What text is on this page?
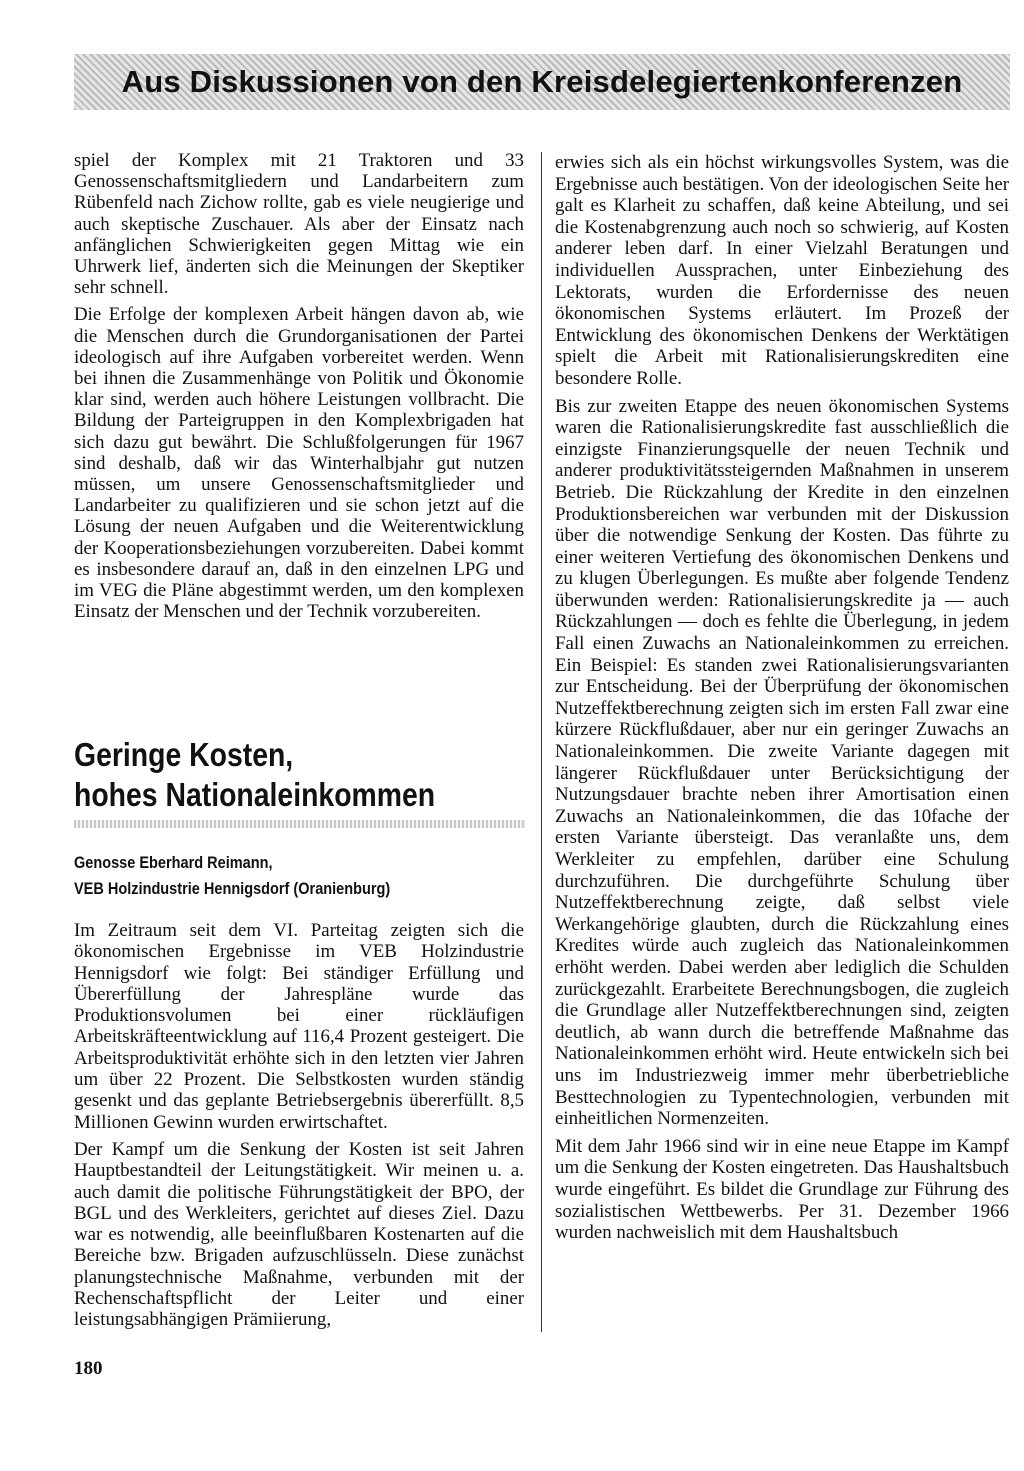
Aus Diskussionen von den Kreisdelegiertenkonferenzen

spiel der Komplex mit 21 Traktoren und 33 Genossenschaftsmitgliedern und Landarbeitern zum Rübenfeld nach Zichow rollte, gab es viele neugierige und auch skeptische Zuschauer. Als aber der Einsatz nach anfänglichen Schwierigkeiten gegen Mittag wie ein Uhrwerk lief, änderten sich die Meinungen der Skeptiker sehr schnell.

Die Erfolge der komplexen Arbeit hängen davon ab, wie die Menschen durch die Grundorganisationen der Partei ideologisch auf ihre Aufgaben vorbereitet werden. Wenn bei ihnen die Zusammenhänge von Politik und Ökonomie klar sind, werden auch höhere Leistungen vollbracht. Die Bildung der Parteigruppen in den Komplexbrigaden hat sich dazu gut bewährt. Die Schlußfolgerungen für 1967 sind deshalb, daß wir das Winterhalbjahr gut nutzen müssen, um unsere Genossenschaftsmitglieder und Landarbeiter zu qualifizieren und sie schon jetzt auf die Lösung der neuen Aufgaben und die Weiterentwicklung der Kooperationsbeziehungen vorzubereiten. Dabei kommt es insbesondere darauf an, daß in den einzelnen LPG und im VEG die Pläne abgestimmt werden, um den komplexen Einsatz der Menschen und der Technik vorzubereiten.

Geringe Kosten,
hohes Nationaleinkommen
Genosse Eberhard Reimann,
VEB Holzindustrie Hennigsdorf (Oranienburg)

Im Zeitraum seit dem VI. Parteitag zeigten sich die ökonomischen Ergebnisse im VEB Holzindustrie Hennigsdorf wie folgt: Bei ständiger Erfüllung und Übererfüllung der Jahrespläne wurde das Produktionsvolumen bei einer rückläufigen Arbeitskräfteentwicklung auf 116,4 Prozent gesteigert. Die Arbeitsproduktivität erhöhte sich in den letzten vier Jahren um über 22 Prozent. Die Selbstkosten wurden ständig gesenkt und das geplante Betriebsergebnis übererfüllt. 8,5 Millionen Gewinn wurden erwirtschaftet.

Der Kampf um die Senkung der Kosten ist seit Jahren Hauptbestandteil der Leitungstätigkeit. Wir meinen u. a. auch damit die politische Führungstätigkeit der BPO, der BGL und des Werkleiters, gerichtet auf dieses Ziel. Dazu war es notwendig, alle beeinflußbaren Kostenarten auf die Bereiche bzw. Brigaden aufzuschlüsseln. Diese zunächst planungstechnische Maßnahme, verbunden mit der Rechenschaftspflicht der Leiter und einer leistungsabhängigen Prämiierung,

erwies sich als ein höchst wirkungsvolles System, was die Ergebnisse auch bestätigen. Von der ideologischen Seite her galt es Klarheit zu schaffen, daß keine Abteilung, und sei die Kostenabgrenzung auch noch so schwierig, auf Kosten anderer leben darf. In einer Vielzahl Beratungen und individuellen Aussprachen, unter Einbeziehung des Lektorats, wurden die Erfordernisse des neuen ökonomischen Systems erläutert. Im Prozeß der Entwicklung des ökonomischen Denkens der Werktätigen spielt die Arbeit mit Rationalisierungskrediten eine besondere Rolle.

Bis zur zweiten Etappe des neuen ökonomischen Systems waren die Rationalisierungskredite fast ausschließlich die einzigste Finanzierungsquelle der neuen Technik und anderer produktivitätssteigernden Maßnahmen in unserem Betrieb. Die Rückzahlung der Kredite in den einzelnen Produktionsbereichen war verbunden mit der Diskussion über die notwendige Senkung der Kosten. Das führte zu einer weiteren Vertiefung des ökonomischen Denkens und zu klugen Überlegungen. Es mußte aber folgende Tendenz überwunden werden: Rationalisierungskredite ja — auch Rückzahlungen — doch es fehlte die Überlegung, in jedem Fall einen Zuwachs an Nationaleinkommen zu erreichen. Ein Beispiel: Es standen zwei Rationalisierungsvarianten zur Entscheidung. Bei der Überprüfung der ökonomischen Nutzeffektberechnung zeigten sich im ersten Fall zwar eine kürzere Rückflußdauer, aber nur ein geringer Zuwachs an Nationaleinkommen. Die zweite Variante dagegen mit längerer Rückflußdauer unter Berücksichtigung der Nutzungsdauer brachte neben ihrer Amortisation einen Zuwachs an Nationaleinkommen, die das 10fache der ersten Variante übersteigt. Das veranlaßte uns, dem Werkleiter zu empfehlen, darüber eine Schulung durchzuführen. Die durchgeführte Schulung über Nutzeffektberechnung zeigte, daß selbst viele Werkangehörige glaubten, durch die Rückzahlung eines Kredites würde auch zugleich das Nationaleinkommen erhöht werden. Dabei werden aber lediglich die Schulden zurückgezahlt. Erarbeitete Berechnungsbogen, die zugleich die Grundlage aller Nutzeffektberechnungen sind, zeigten deutlich, ab wann durch die betreffende Maßnahme das Nationaleinkommen erhöht wird. Heute entwickeln sich bei uns im Industriezweig immer mehr überbetriebliche Besttechnologien zu Typentechnologien, verbunden mit einheitlichen Normenzeiten.

Mit dem Jahr 1966 sind wir in eine neue Etappe im Kampf um die Senkung der Kosten eingetreten. Das Haushaltsbuch wurde eingeführt. Es bildet die Grundlage zur Führung des sozialistischen Wettbewerbs. Per 31. Dezember 1966 wurden nachweislich mit dem Haushaltsbuch

180
